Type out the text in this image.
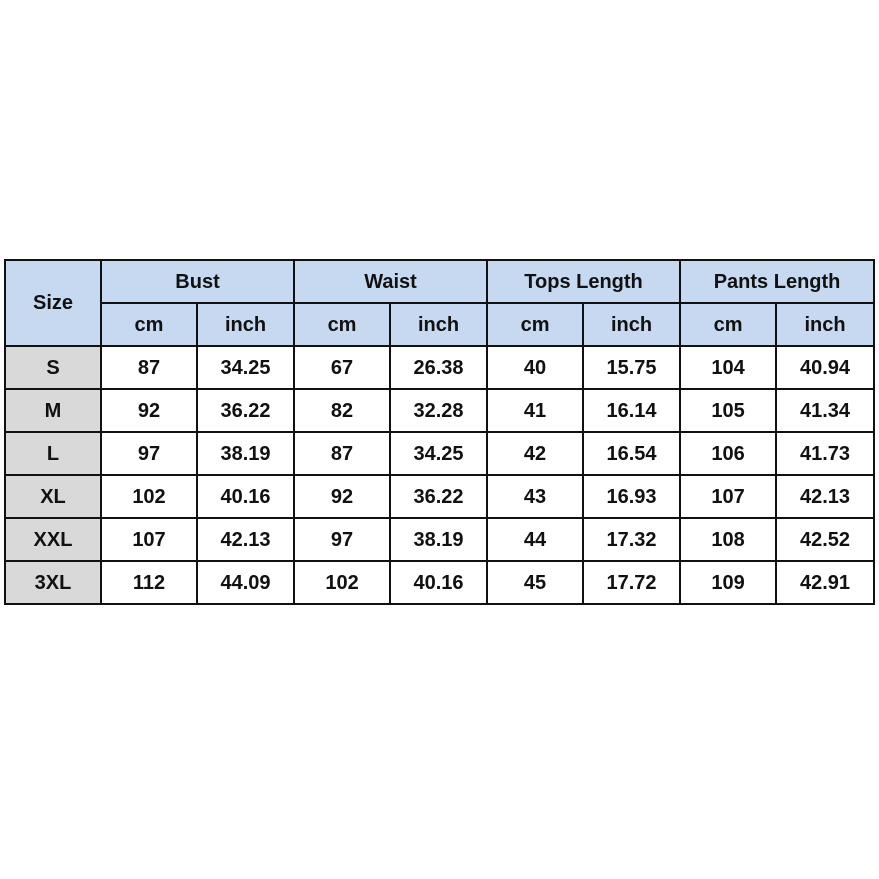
Size	Bust		Waist		Tops Length		Pants Length	
	cm	inch	cm	inch	cm	inch	cm	inch
S	87	34.25	67	26.38	40	15.75	104	40.94
M	92	36.22	82	32.28	41	16.14	105	41.34
L	97	38.19	87	34.25	42	16.54	106	41.73
XL	102	40.16	92	36.22	43	16.93	107	42.13
XXL	107	42.13	97	38.19	44	17.32	108	42.52
3XL	112	44.09	102	40.16	45	17.72	109	42.91
